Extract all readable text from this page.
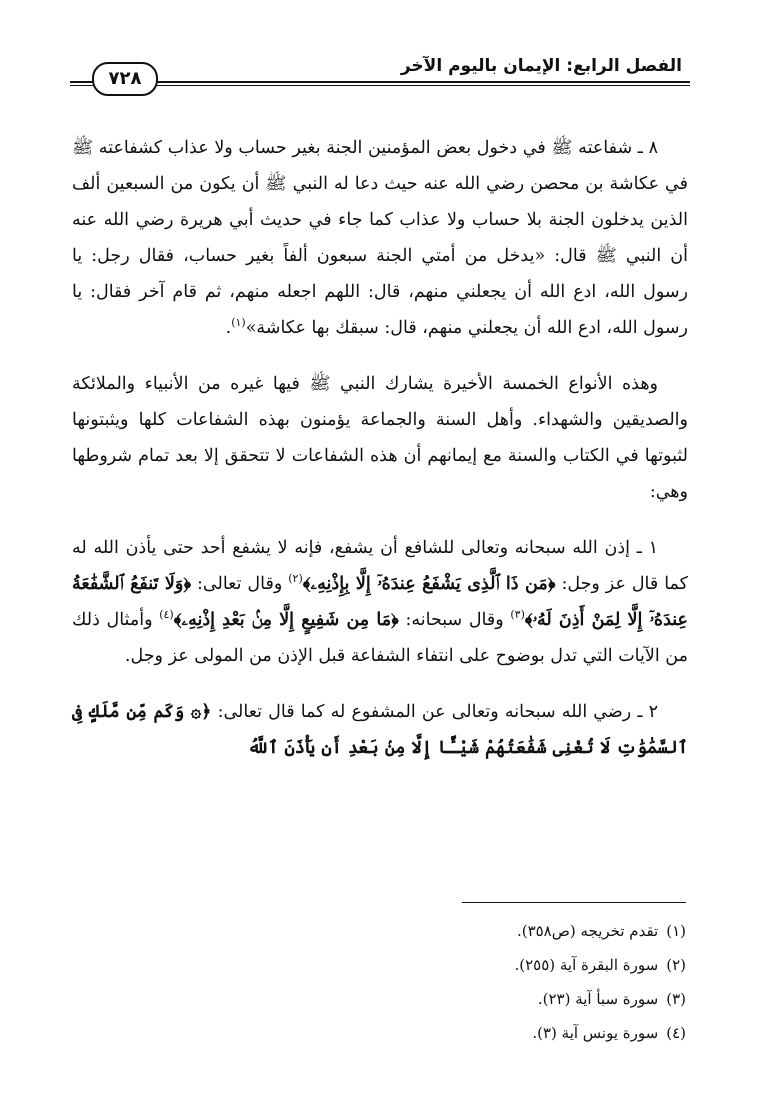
الفصل الرابع: الإيمان باليوم الآخر
٧٢٨

٨ ـ شفاعته ﷺ في دخول بعض المؤمنين الجنة بغير حساب ولا عذاب كشفاعته ﷺ في عكاشة بن محصن رضي الله عنه حيث دعا له النبي ﷺ أن يكون من السبعين ألف الذين يدخلون الجنة بلا حساب ولا عذاب كما جاء في حديث أبي هريرة رضي الله عنه أن النبي ﷺ قال: «يدخل من أمتي الجنة سبعون ألفاً بغير حساب، فقال رجل: يا رسول الله، ادع الله أن يجعلني منهم، قال: اللهم اجعله منهم، ثم قام آخر فقال: يا رسول الله، ادع الله أن يجعلني منهم، قال: سبقك بها عكاشة»$^{(١)}$.

وهذه الأنواع الخمسة الأخيرة يشارك النبي ﷺ فيها غيره من الأنبياء والملائكة والصديقين والشهداء. وأهل السنة والجماعة يؤمنون بهذه الشفاعات كلها ويثبتونها لثبوتها في الكتاب والسنة مع إيمانهم أن هذه الشفاعات لا تتحقق إلا بعد تمام شروطها وهي:

١ ـ إذن الله سبحانه وتعالى للشافع أن يشفع، فإنه لا يشفع أحد حتى يأذن الله له كما قال عز وجل: ﴿مَن ذَا ٱلَّذِى يَشْفَعُ عِندَهُۥٓ إِلَّا بِإِذْنِهِۦ﴾$^{(٢)}$ وقال تعالى: ﴿وَلَا تَنفَعُ ٱلشَّفَٰعَةُ عِندَهُۥٓ إِلَّا لِمَنْ أَذِنَ لَهُۥ﴾$^{(٣)}$ وقال سبحانه: ﴿مَا مِن شَفِيعٍ إِلَّا مِنۢ بَعْدِ إِذْنِهِۦ﴾$^{(٤)}$ وأمثال ذلك من الآيات التي تدل بوضوح على انتفاء الشفاعة قبل الإذن من المولى عز وجل.

٢ ـ رضي الله سبحانه وتعالى عن المشفوع له كما قال تعالى: ﴿۞ وَكَم مِّن مَّلَكٍ فِى ٱلسَّمَٰوَٰتِ لَا تُغْنِى شَفَٰعَتُهُمْ شَيْـًٔا إِلَّا مِنۢ بَعْدِ أَن يَأْذَنَ ٱللَّهُ

(١)تقدم تخريجه (ص٣٥٨).
(٢)سورة البقرة آية (٢٥٥).
(٣)سورة سبأ آية (٢٣).
(٤)سورة يونس آية (٣).
